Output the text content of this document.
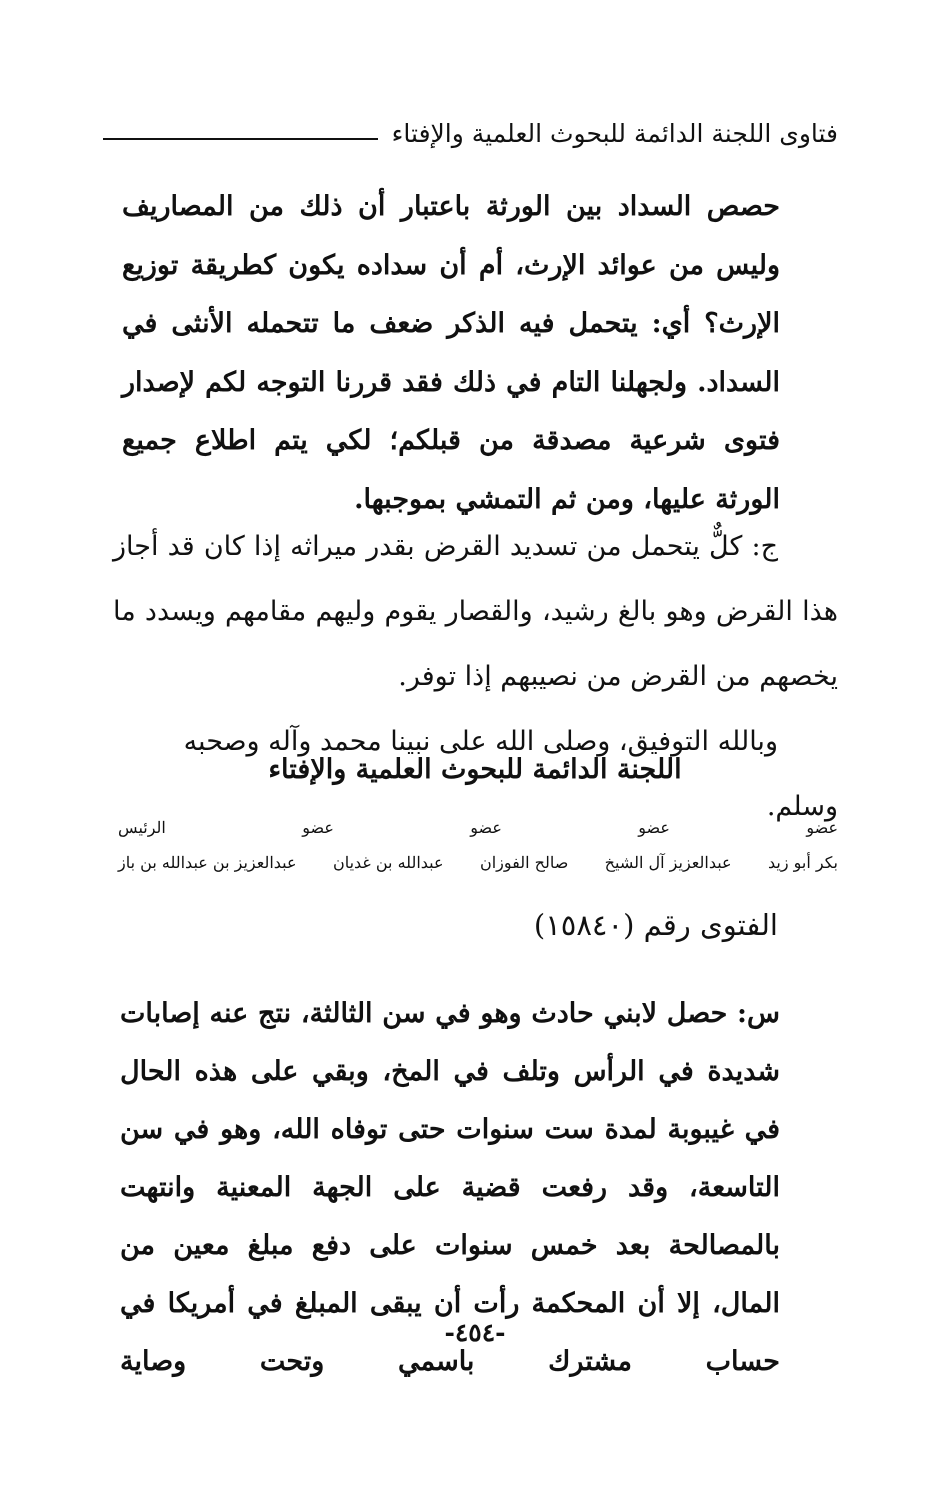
فتاوى اللجنة الدائمة للبحوث العلمية والإفتاء

حصص السداد بين الورثة باعتبار أن ذلك من المصاريف وليس من عوائد الإرث، أم أن سداده يكون كطريقة توزيع الإرث؟ أي: يتحمل فيه الذكر ضعف ما تتحمله الأنثى في السداد. ولجهلنا التام في ذلك فقد قررنا التوجه لكم لإصدار فتوى شرعية مصدقة من قبلكم؛ لكي يتم اطلاع جميع الورثة عليها، ومن ثم التمشي بموجبها.

ج: كلٌّ يتحمل من تسديد القرض بقدر ميراثه إذا كان قد أجاز هذا القرض وهو بالغ رشيد، والقصار يقوم وليهم مقامهم ويسدد ما يخصهم من القرض من نصيبهم إذا توفر.

وبالله التوفيق، وصلى الله على نبينا محمد وآله وصحبه وسلم.

اللجنة الدائمة للبحوث العلمية والإفتاء
عضو
عضو
عضو
عضو
الرئيس
بكر أبو زيد
عبدالعزيز آل الشيخ
صالح الفوزان
عبدالله بن غديان
عبدالعزيز بن عبدالله بن باز
الفتوى رقم (١٥٨٤٠)

س: حصل لابني حادث وهو في سن الثالثة، نتج عنه إصابات شديدة في الرأس وتلف في المخ، وبقي على هذه الحال في غيبوبة لمدة ست سنوات حتى توفاه الله، وهو في سن التاسعة، وقد رفعت قضية على الجهة المعنية وانتهت بالمصالحة بعد خمس سنوات على دفع مبلغ معين من المال، إلا أن المحكمة رأت أن يبقى المبلغ في أمريكا في حساب مشترك باسمي وتحت وصاية

-٤٥٤-
